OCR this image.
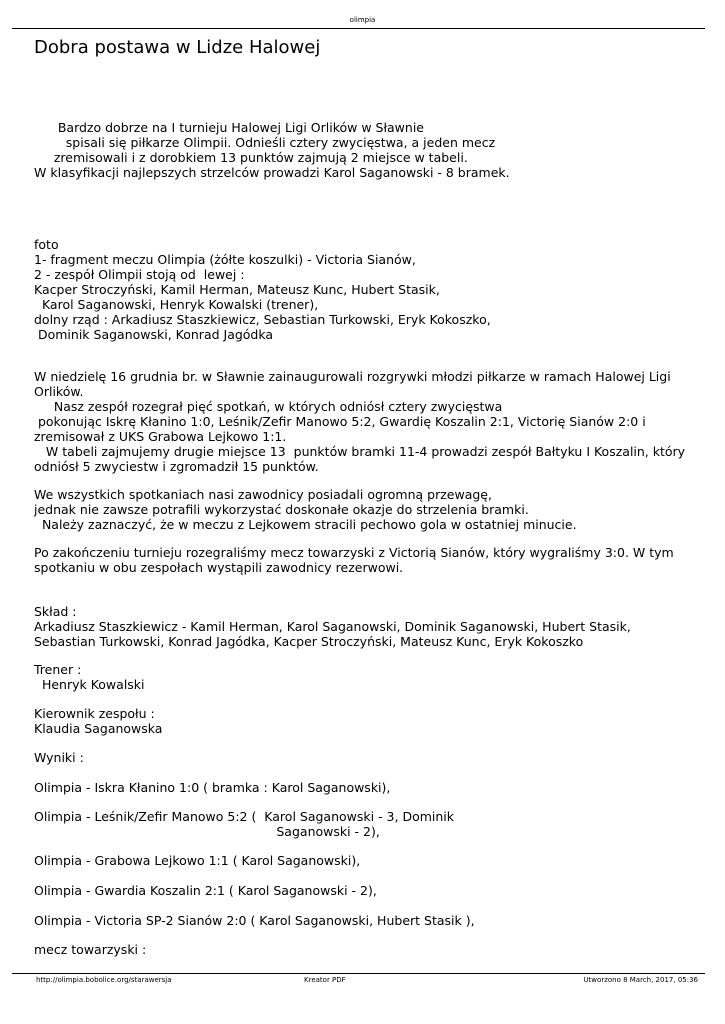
olimpia
Dobra postawa w Lidze Halowej
Bardzo dobrze na I turnieju Halowej Ligi Orlików w Sławnie
spisali się piłkarze Olimpii. Odnieśli cztery zwycięstwa, a jeden mecz
zremisowali i z dorobkiem 13 punktów zajmują 2 miejsce w tabeli.
W klasyfikacji najlepszych strzelców prowadzi Karol Saganowski - 8 bramek.
foto
1- fragment meczu Olimpia (żółte koszulki) - Victoria Sianów,
2 - zespół Olimpii stoją od  lewej :
Kacper Stroczyński, Kamil Herman, Mateusz Kunc, Hubert Stasik,
Karol Saganowski, Henryk Kowalski (trener),
dolny rząd : Arkadiusz Staszkiewicz, Sebastian Turkowski, Eryk Kokoszko,
Dominik Saganowski, Konrad Jagódka
W niedzielę 16 grudnia br. w Sławnie zainaugurowali rozgrywki młodzi piłkarze w ramach Halowej Ligi
Orlików.
Nasz zespół rozegrał pięć spotkań, w których odniósł cztery zwycięstwa
pokonując Iskrę Kłanino 1:0, Leśnik/Zefir Manowo 5:2, Gwardię Koszalin 2:1, Victorię Sianów 2:0 i
zremisował z UKS Grabowa Lejkowo 1:1.
W tabeli zajmujemy drugie miejsce 13  punktów bramki 11-4 prowadzi zespół Bałtyku I Koszalin, który
odniósł 5 zwyciestw i zgromadził 15 punktów.
We wszystkich spotkaniach nasi zawodnicy posiadali ogromną przewagę,
jednak nie zawsze potrafili wykorzystać doskonałe okazje do strzelenia bramki.
Należy zaznaczyć, że w meczu z Lejkowem stracili pechowo gola w ostatniej minucie.
Po zakończeniu turnieju rozegraliśmy mecz towarzyski z Victorią Sianów, który wygraliśmy 3:0. W tym
spotkaniu w obu zespołach wystąpili zawodnicy rezerwowi.
Skład :
Arkadiusz Staszkiewicz - Kamil Herman, Karol Saganowski, Dominik Saganowski, Hubert Stasik,
Sebastian Turkowski, Konrad Jagódka, Kacper Stroczyński, Mateusz Kunc, Eryk Kokoszko
Trener :
Henryk Kowalski
Kierownik zespołu :
Klaudia Saganowska
Wyniki :
Olimpia - Iskra Kłanino 1:0 ( bramka : Karol Saganowski),
Olimpia - Leśnik/Zefir Manowo 5:2 (  Karol Saganowski - 3, Dominik
Saganowski - 2),
Olimpia - Grabowa Lejkowo 1:1 ( Karol Saganowski),
Olimpia - Gwardia Koszalin 2:1 ( Karol Saganowski - 2),
Olimpia - Victoria SP-2 Sianów 2:0 ( Karol Saganowski, Hubert Stasik ),
mecz towarzyski :
http://olimpia.bobolice.org/starawersja	Kreator PDF	Utworzono 8 March, 2017, 05:36
